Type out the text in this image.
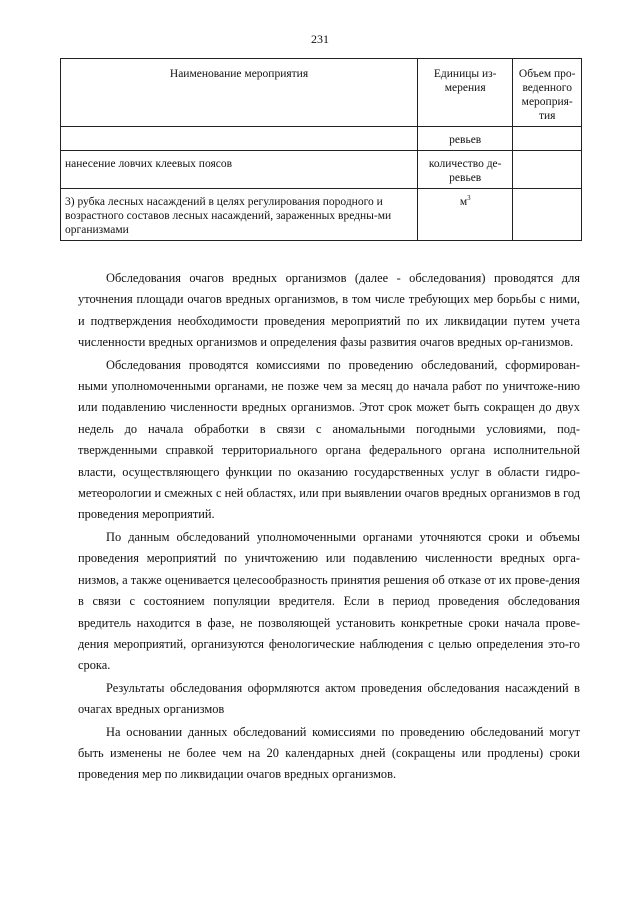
231
Наименование мероприятия	Единицы из-мерения	Объем про-веденного мероприя-тия
	ревьев	
нанесение ловчих клеевых поясов	количество де-ревьев	
3) рубка лесных насаждений в целях регулирования породного и возрастного составов лесных насаждений, зараженных вредны-ми организмами	$м^3$	

Обследования очагов вредных организмов (далее - обследования) проводятся для уточнения площади очагов вредных организмов, в том числе требующих мер борьбы с ними, и подтверждения необходимости проведения мероприятий по их ликвидации путем учета численности вредных организмов и определения фазы развития очагов вредных ор-ганизмов.

Обследования проводятся комиссиями по проведению обследований, сформирован-ными уполномоченными органами, не позже чем за месяц до начала работ по уничтоже-нию или подавлению численности вредных организмов. Этот срок может быть сокращен до двух недель до начала обработки в связи с аномальными погодными условиями, под-твержденными справкой территориального органа федерального органа исполнительной власти, осуществляющего функции по оказанию государственных услуг в области гидро-метеорологии и смежных с ней областях, или при выявлении очагов вредных организмов в год проведения мероприятий.

По данным обследований уполномоченными органами уточняются сроки и объемы проведения мероприятий по уничтожению или подавлению численности вредных орга-низмов, а также оценивается целесообразность принятия решения об отказе от их прове-дения в связи с состоянием популяции вредителя. Если в период проведения обследования вредитель находится в фазе, не позволяющей установить конкретные сроки начала прове-дения мероприятий, организуются фенологические наблюдения с целью определения это-го срока.

Результаты обследования оформляются актом проведения обследования насаждений в очагах вредных организмов

На основании данных обследований комиссиями по проведению обследований могут быть изменены не более чем на 20 календарных дней (сокращены или продлены) сроки проведения мер по ликвидации очагов вредных организмов.
